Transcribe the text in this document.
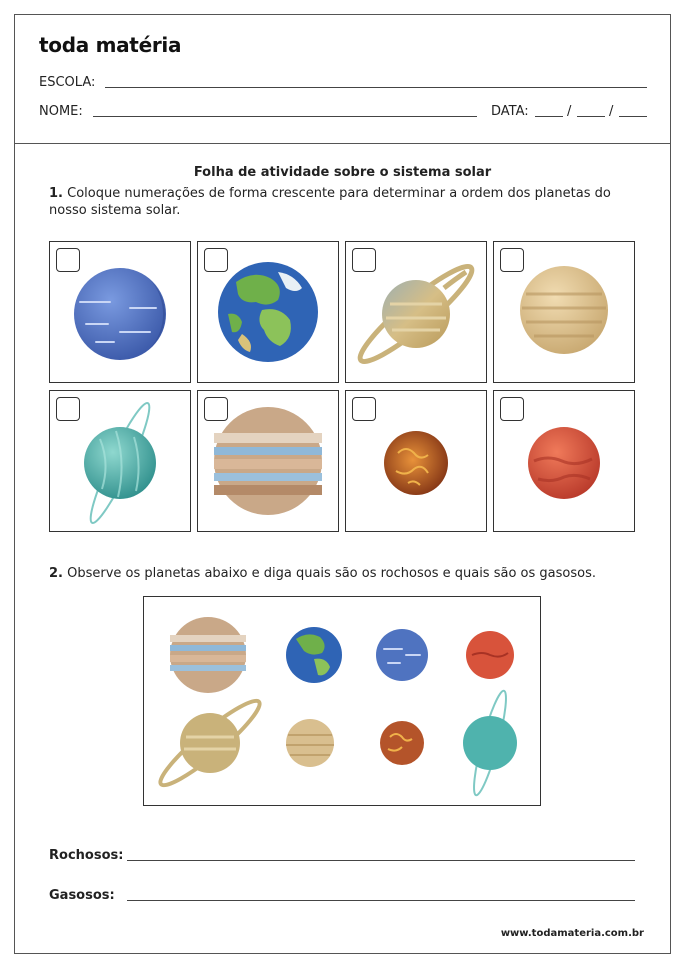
toda matéria
ESCOLA:
NOME:	DATA:	/	/
Folha de atividade sobre o sistema solar
1. Coloque numerações de forma crescente para determinar a ordem dos planetas do nosso sistema solar.
2. Observe os planetas abaixo e diga quais são os rochosos e quais são os gasosos.
Rochosos:
Gasosos:
www.todamateria.com.br
